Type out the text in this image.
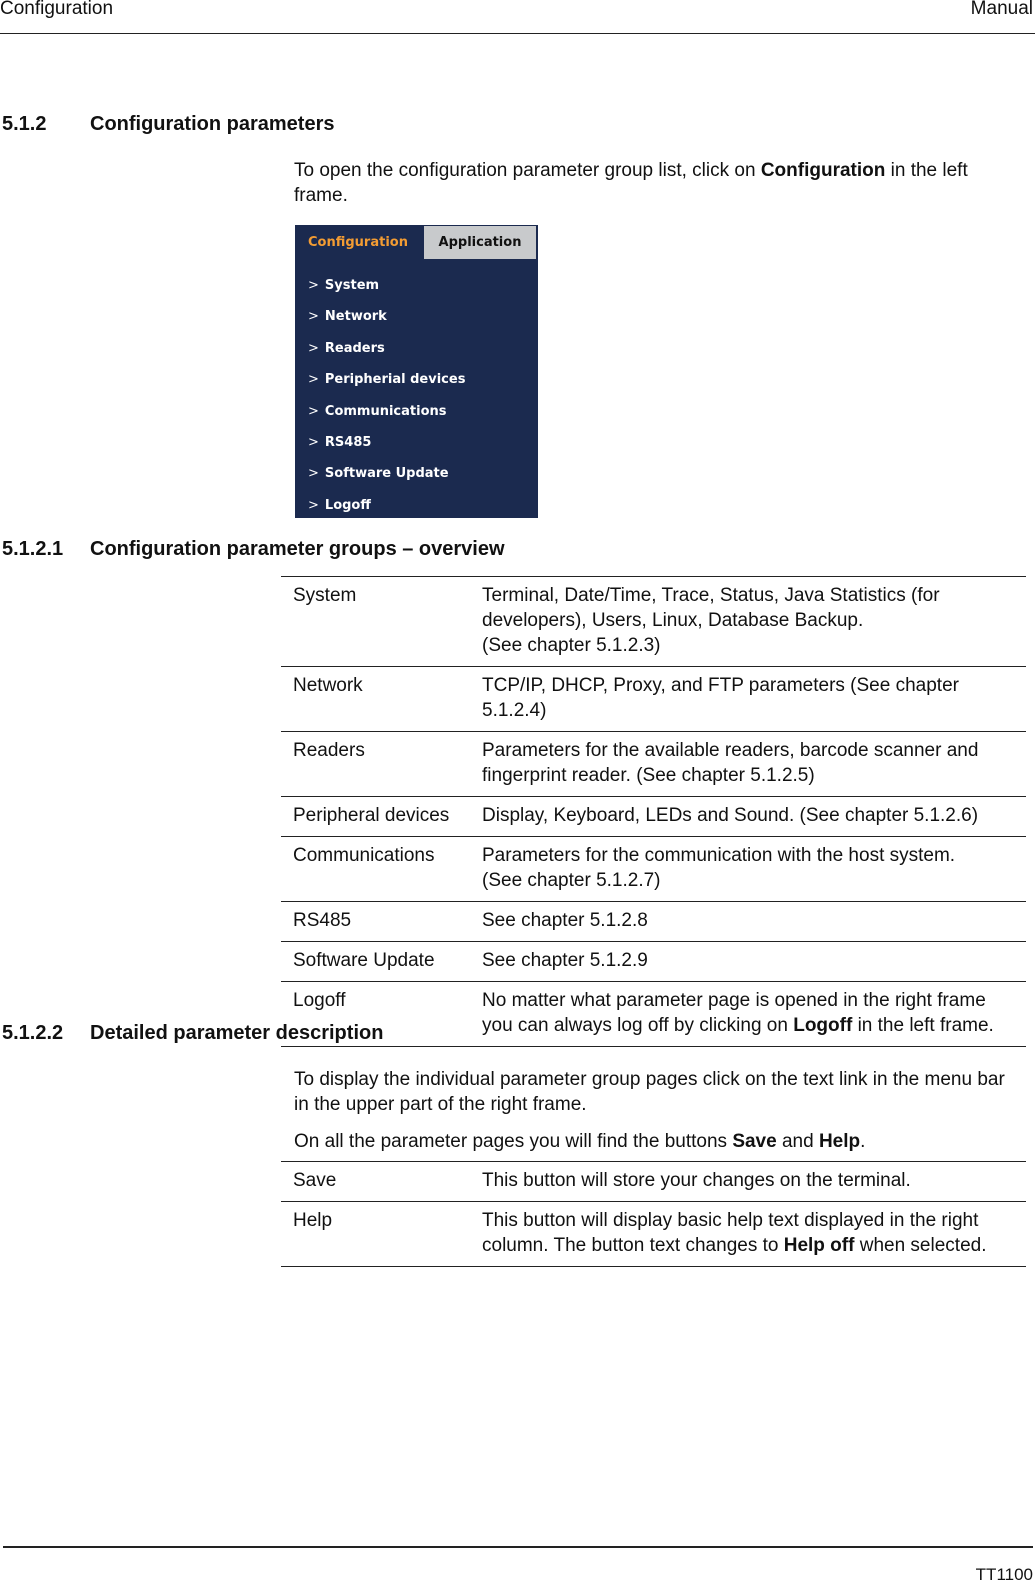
Configuration	Manual
5.1.2 Configuration parameters

To open the configuration parameter group list, click on Configuration in the left frame.

Configuration	Application
> System
> Network
> Readers
> Peripherial devices
> Communications
> RS485
> Software Update
> Logoff
5.1.2.1 Configuration parameter groups – overview
System	Terminal, Date/Time, Trace, Status, Java Statistics (for developers), Users, Linux, Database Backup.
(See chapter 5.1.2.3)
Network	TCP/IP, DHCP, Proxy, and FTP parameters (See chapter 5.1.2.4)
Readers	Parameters for the available readers, barcode scanner and fingerprint reader. (See chapter 5.1.2.5)
Peripheral devices	Display, Keyboard, LEDs and Sound. (See chapter 5.1.2.6)
Communications	Parameters for the communication with the host system.
(See chapter 5.1.2.7)
RS485	See chapter 5.1.2.8
Software Update	See chapter 5.1.2.9
Logoff	No matter what parameter page is opened in the right frame you can always log off by clicking on Logoff in the left frame.
5.1.2.2 Detailed parameter description

To display the individual parameter group pages click on the text link in the menu bar in the upper part of the right frame.

On all the parameter pages you will find the buttons Save and Help.

Save	This button will store your changes on the terminal.
Help	This button will display basic help text displayed in the right column. The button text changes to Help off when selected.
TT1100
